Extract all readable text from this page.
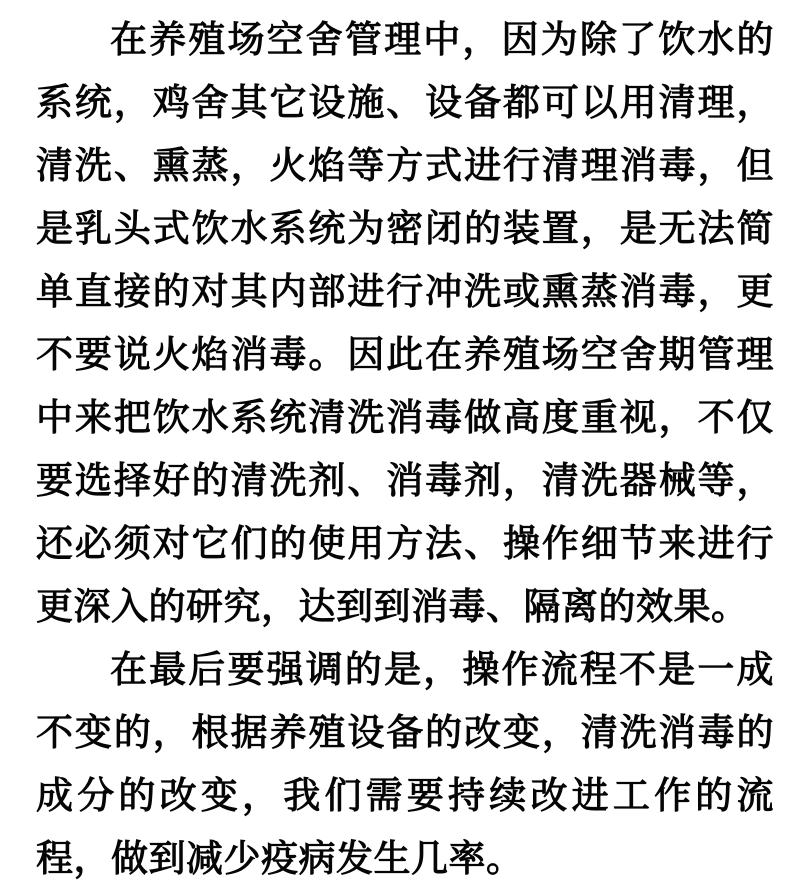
在养殖场空舍管理中，因为除了饮水的系统，鸡舍其它设施、设备都可以用清理，清洗、熏蒸，火焰等方式进行清理消毒，但是乳头式饮水系统为密闭的装置，是无法简单直接的对其内部进行冲洗或熏蒸消毒，更不要说火焰消毒。因此在养殖场空舍期管理中来把饮水系统清洗消毒做高度重视，不仅要选择好的清洗剂、消毒剂，清洗器械等，还必须对它们的使用方法、操作细节来进行更深入的研究，达到到消毒、隔离的效果。

在最后要强调的是，操作流程不是一成不变的，根据养殖设备的改变，清洗消毒的成分的改变，我们需要持续改进工作的流程，做到减少疫病发生几率。
